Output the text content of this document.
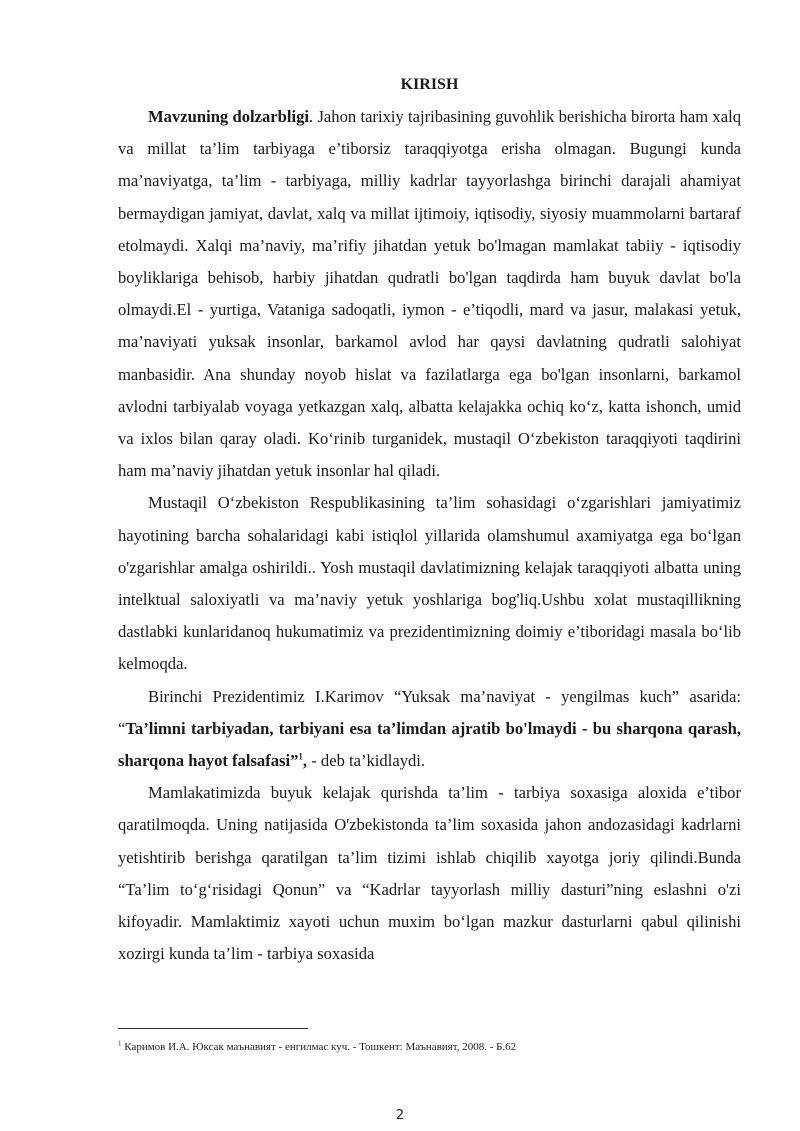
KIRISH

Mavzuning dolzarbligi. Jahon tarixiy tajribasining guvohlik berishicha birorta ham xalq va millat ta’lim tarbiyaga e’tiborsiz taraqqiyotga erisha olmagan. Bugungi kunda ma’naviyatga, ta’lim - tarbiyaga, milliy kadrlar tayyorlashga birinchi darajali ahamiyat bermaydigan jamiyat, davlat, xalq va millat ijtimoiy, iqtisodiy, siyosiy muammolarni bartaraf etolmaydi. Xalqi ma’naviy, ma’rifiy jihatdan yetuk bo'lmagan mamlakat tabiiy - iqtisodiy boyliklariga behisob, harbiy jihatdan qudratli bo'lgan taqdirda ham buyuk davlat bo'la olmaydi.El - yurtiga, Vataniga sadoqatli, iymon - e’tiqodli, mard va jasur, malakasi yetuk, ma’naviyati yuksak insonlar, barkamol avlod har qaysi davlatning qudratli salohiyat manbasidir. Ana shunday noyob hislat va fazilatlarga ega bo'lgan insonlarni, barkamol avlodni tarbiyalab voyaga yetkazgan xalq, albatta kelajakka ochiq ko‘z, katta ishonch, umid va ixlos bilan qaray oladi. Ko‘rinib turganidek, mustaqil O‘zbekiston taraqqiyoti taqdirini ham ma’naviy jihatdan yetuk insonlar hal qiladi.

Mustaqil O‘zbekiston Respublikasining ta’lim sohasidagi o‘zgarishlari jamiyatimiz hayotining barcha sohalaridagi kabi istiqlol yillarida olamshumul axamiyatga ega bo‘lgan o'zgarishlar amalga oshirildi.. Yosh mustaqil davlatimizning kelajak taraqqiyoti albatta uning intelktual saloxiyatli va ma’naviy yetuk yoshlariga bog'liq.Ushbu xolat mustaqillikning dastlabki kunlaridanoq hukumatimiz va prezidentimizning doimiy e’tiboridagi masala bo‘lib kelmoqda.

Birinchi Prezidentimiz I.Karimov “Yuksak ma’naviyat - yengilmas kuch” asarida: “Ta’limni tarbiyadan, tarbiyani esa ta’limdan ajratib bo'lmaydi - bu sharqona qarash, sharqona hayot falsafasi”$^1$, - deb ta’kidlaydi.

Mamlakatimizda buyuk kelajak qurishda ta’lim - tarbiya soxasiga aloxida e’tibor qaratilmoqda. Uning natijasida O'zbekistonda ta’lim soxasida jahon andozasidagi kadrlarni yetishtirib berishga qaratilgan ta’lim tizimi ishlab chiqilib xayotga joriy qilindi.Bunda “Ta’lim to‘g‘risidagi Qonun” va “Kadrlar tayyorlash milliy dasturi”ning eslashni o'zi kifoyadir. Mamlaktimiz xayoti uchun muxim bo‘lgan mazkur dasturlarni qabul qilinishi xozirgi kunda ta’lim - tarbiya soxasida

$^1$ Каримов И.А. Юксак маънавият - енгилмас куч. - Тошкент: Маънавият, 2008. - Б.62
2
